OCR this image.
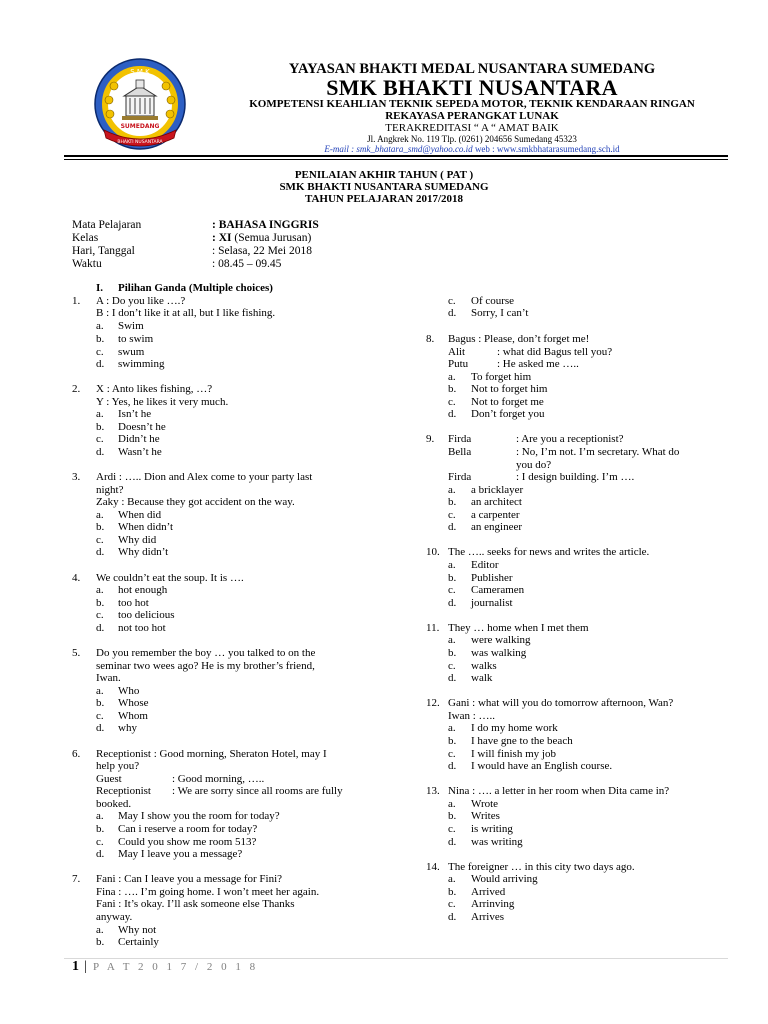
S M K
SUMEDANG
BHAKTI NUSANTARA
YAYASAN BHAKTI MEDAL NUSANTARA SUMEDANG
SMK BHAKTI NUSANTARA
KOMPETENSI KEAHLIAN TEKNIK SEPEDA MOTOR, TEKNIK KENDARAAN RINGAN
REKAYASA PERANGKAT LUNAK
TERAKREDITASI “ A “ AMAT BAIK
Jl. Angkrek No. 119 Tlp. (0261) 204656 Sumedang 45323
E-mail : smk_bhatara_smd@yahoo.co.id web : www.smkbhatarasumedang.sch.id
PENILAIAN AKHIR TAHUN ( PAT )
SMK BHAKTI NUSANTARA SUMEDANG
TAHUN PELAJARAN 2017/2018
Mata Pelajaran	: BAHASA INGGRIS
Kelas	: XI (Semua Jurusan)
Hari, Tanggal	: Selasa, 22 Mei 2018
Waktu	: 08.45 – 09.45
I. Pilihan Ganda (Multiple choices)
1. A : Do you like ….?
B : I don’t like it at all, but I like fishing.
a. Swim
b. to swim
c. swum
d. swimming
2. X : Anto likes fishing, …?
Y : Yes, he likes it very much.
a. Isn’t he
b. Doesn’t he
c. Didn’t he
d. Wasn’t he
3. Ardi : ….. Dion and Alex come to your party last
night?
Zaky : Because they got accident on the way.
a. When did
b. When didn’t
c. Why did
d. Why didn’t
4. We couldn’t eat the soup. It is ….
a. hot enough
b. too hot
c. too delicious
d. not too hot
5. Do you remember the boy … you talked to on the
seminar two wees ago? He is my brother’s friend,
Iwan.
a. Who
b. Whose
c. Whom
d. why
6. Receptionist : Good morning, Sheraton Hotel, may I
help you?
Guest	: Good morning, …..
Receptionist : We are sorry since all rooms are fully
booked.
a. May I show you the room for today?
b. Can i reserve a room for today?
c. Could you show me room 513?
d. May I leave you a message?
7. Fani : Can I leave you a message for Fini?
Fina : …. I’m going home. I won’t meet her again.
Fani : It’s okay. I’ll ask someone else Thanks
anyway.
a. Why not
b. Certainly
c. Of course
d. Sorry, I can’t
8. Bagus : Please, don’t forget me!
Alit	: what did Bagus tell you?
Putu	: He asked me …..
a. To forget him
b. Not to forget him
c. Not to forget me
d. Don’t forget you
9. Firda	: Are you a receptionist?
Bella	: No, I’m not. I’m secretary. What do
you do?
Firda	: I design building. I’m ….
a. a bricklayer
b. an architect
c. a carpenter
d. an engineer
10. The ….. seeks for news and writes the article.
a. Editor
b. Publisher
c. Cameramen
d. journalist
11. They … home when I met them
a. were walking
b. was walking
c. walks
d. walk
12. Gani : what will you do tomorrow afternoon, Wan?
Iwan : …..
a. I do my home work
b. I have gne to the beach
c. I will finish my job
d. I would have an English course.
13. Nina : …. a letter in her room when Dita came in?
a. Wrote
b. Writes
c. is writing
d. was writing
14. The foreigner … in this city two days ago.
a. Would arriving
b. Arrived
c. Arrinving
d. Arrives
1 | P A T 2 0 1 7 / 2 0 1 8
